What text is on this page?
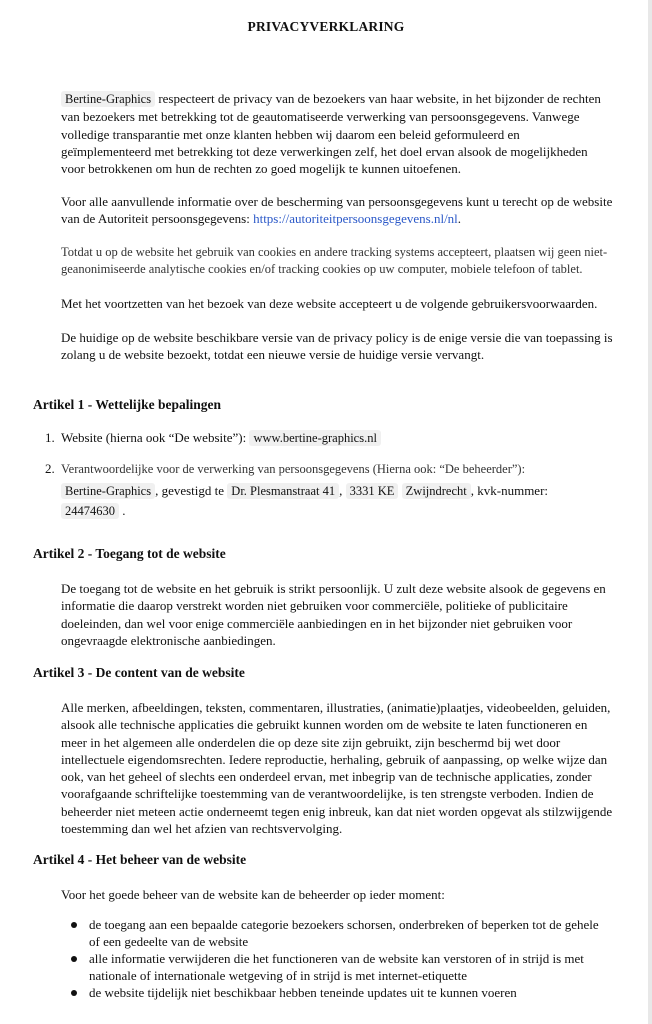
PRIVACYVERKLARING
Bertine-Graphics respecteert de privacy van de bezoekers van haar website, in het bijzonder de rechten van bezoekers met betrekking tot de geautomatiseerde verwerking van persoonsgegevens. Vanwege volledige transparantie met onze klanten hebben wij daarom een beleid geformuleerd en geïmplementeerd met betrekking tot deze verwerkingen zelf, het doel ervan alsook de mogelijkheden voor betrokkenen om hun de rechten zo goed mogelijk te kunnen uitoefenen.
Voor alle aanvullende informatie over de bescherming van persoonsgegevens kunt u terecht op de website van de Autoriteit persoonsgegevens: https://autoriteitpersoonsgegevens.nl/nl.
Totdat u op de website het gebruik van cookies en andere tracking systems accepteert, plaatsen wij geen niet-geanonimiseerde analytische cookies en/of tracking cookies op uw computer, mobiele telefoon of tablet.
Met het voortzetten van het bezoek van deze website accepteert u de volgende gebruikersvoorwaarden.
De huidige op de website beschikbare versie van de privacy policy is de enige versie die van toepassing is zolang u de website bezoekt, totdat een nieuwe versie de huidige versie vervangt.
Artikel 1 - Wettelijke bepalingen
1. Website (hierna ook “De website”): www.bertine-graphics.nl
2. Verantwoordelijke voor de verwerking van persoonsgegevens (Hierna ook: “De beheerder”):
Bertine-Graphics , gevestigd te Dr. Plesmanstraat 41 , 3331 KE Zwijndrecht , kvk-nummer:
24474630 .
Artikel 2 - Toegang tot de website
De toegang tot de website en het gebruik is strikt persoonlijk. U zult deze website alsook de gegevens en informatie die daarop verstrekt worden niet gebruiken voor commerciële, politieke of publicitaire doeleinden, dan wel voor enige commerciële aanbiedingen en in het bijzonder niet gebruiken voor ongevraagde elektronische aanbiedingen.
Artikel 3 - De content van de website
Alle merken, afbeeldingen, teksten, commentaren, illustraties, (animatie)plaatjes, videobeelden, geluiden, alsook alle technische applicaties die gebruikt kunnen worden om de website te laten functioneren en meer in het algemeen alle onderdelen die op deze site zijn gebruikt, zijn beschermd bij wet door intellectuele eigendomsrechten. Iedere reproductie, herhaling, gebruik of aanpassing, op welke wijze dan ook, van het geheel of slechts een onderdeel ervan, met inbegrip van de technische applicaties, zonder voorafgaande schriftelijke toestemming van de verantwoordelijke, is ten strengste verboden. Indien de beheerder niet meteen actie onderneemt tegen enig inbreuk, kan dat niet worden opgevat als stilzwijgende toestemming dan wel het afzien van rechtsvervolging.
Artikel 4 - Het beheer van de website
Voor het goede beheer van de website kan de beheerder op ieder moment:
de toegang aan een bepaalde categorie bezoekers schorsen, onderbreken of beperken tot de gehele of een gedeelte van de website
alle informatie verwijderen die het functioneren van de website kan verstoren of in strijd is met nationale of internationale wetgeving of in strijd is met internet-etiquette
de website tijdelijk niet beschikbaar hebben teneinde updates uit te kunnen voeren
